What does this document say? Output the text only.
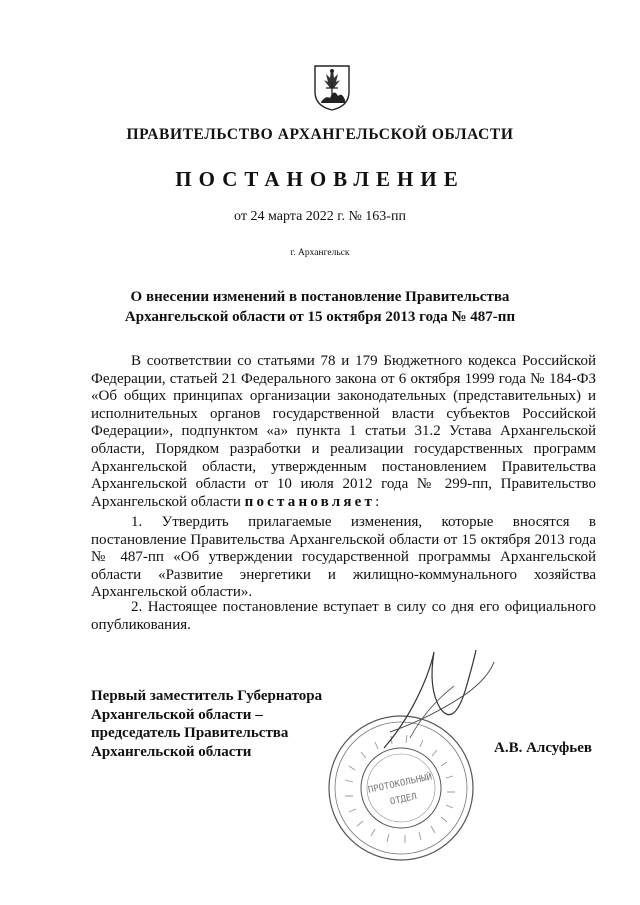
ПРАВИТЕЛЬСТВО АРХАНГЕЛЬСКОЙ ОБЛАСТИ
ПОСТАНОВЛЕНИЕ
от 24 марта 2022 г. № 163-пп
г. Архангельск
О внесении изменений в постановление Правительства
Архангельской области от 15 октября 2013 года № 487-пп
В соответствии со статьями 78 и 179 Бюджетного кодекса Российской Федерации, статьей 21 Федерального закона от 6 октября 1999 года № 184-ФЗ «Об общих принципах организации законодательных (представительных) и исполнительных органов государственной власти субъектов Российской Федерации», подпунктом «а» пункта 1 статьи 31.2 Устава Архангельской области, Порядком разработки и реализации государственных программ Архангельской области, утвержденным постановлением Правительства Архангельской области от 10 июля 2012 года № 299-пп, Правительство Архангельской области постановляет:
1. Утвердить прилагаемые изменения, которые вносятся в постановление Правительства Архангельской области от 15 октября 2013 года № 487-пп «Об утверждении государственной программы Архангельской области «Развитие энергетики и жилищно-коммунального хозяйства Архангельской области».
2. Настоящее постановление вступает в силу со дня его официального опубликования.
ПРОТОКОЛЬНЫЙ
ОТДЕЛ
Первый заместитель Губернатора
Архангельской области –
председатель Правительства
Архангельской области	А.В. Алсуфьев
